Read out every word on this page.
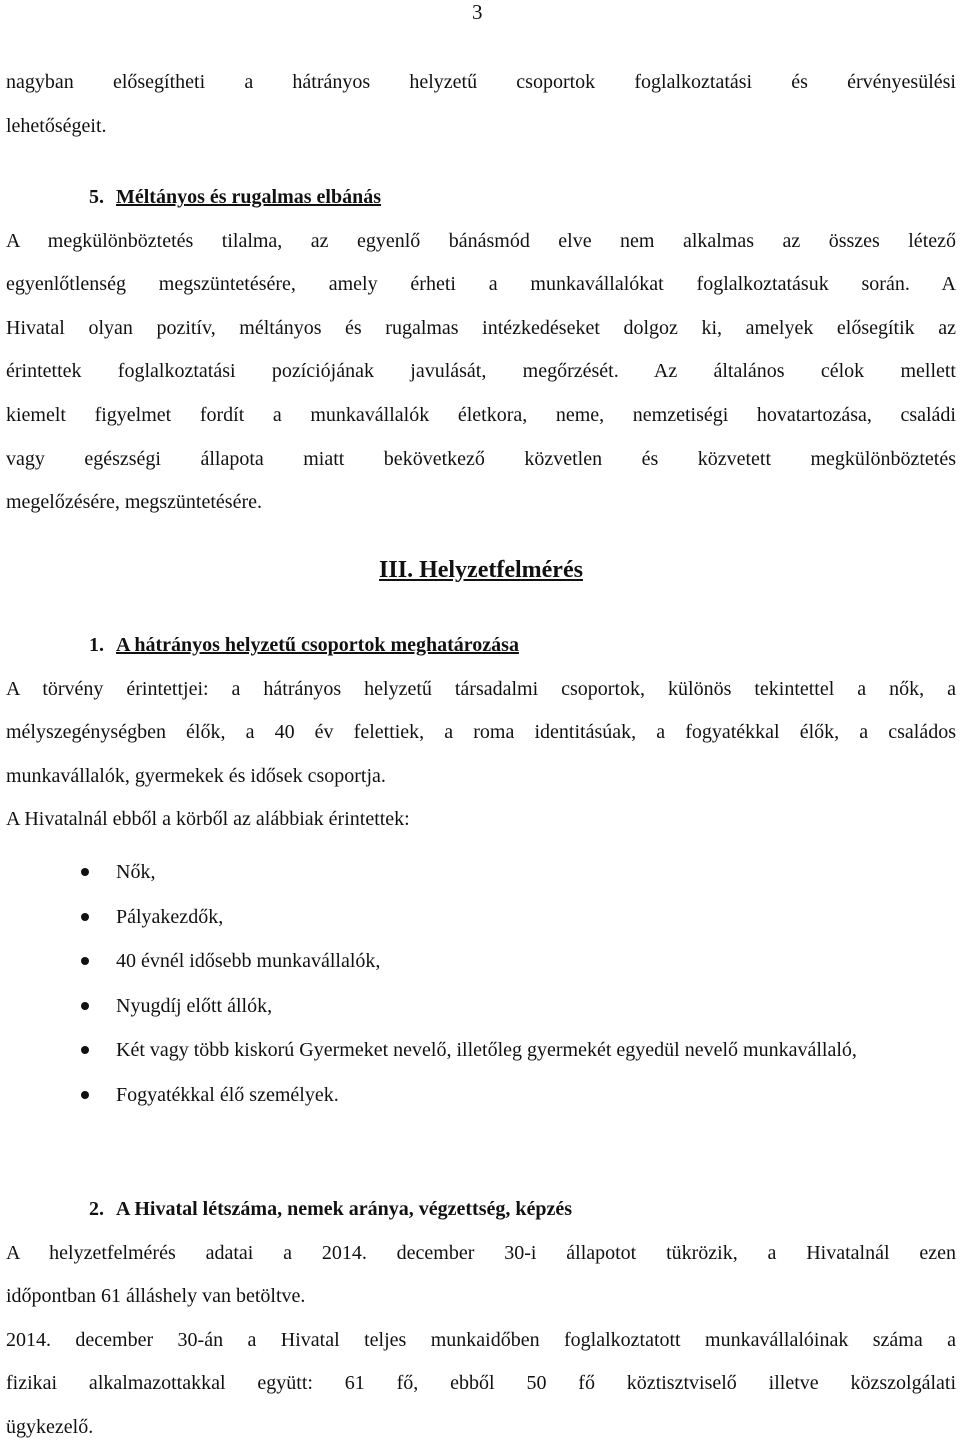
3

nagyban elősegítheti a hátrányos helyzetű csoportok foglalkoztatási és érvényesülési

lehetőségeit.

5. Méltányos és rugalmas elbánás

A megkülönböztetés tilalma, az egyenlő bánásmód elve nem alkalmas az összes létező

egyenlőtlenség megszüntetésére, amely érheti a munkavállalókat foglalkoztatásuk során. A

Hivatal olyan pozitív, méltányos és rugalmas intézkedéseket dolgoz ki, amelyek elősegítik az

érintettek foglalkoztatási pozíciójának javulását, megőrzését. Az általános célok mellett

kiemelt figyelmet fordít a munkavállalók életkora, neme, nemzetiségi hovatartozása, családi

vagy egészségi állapota miatt bekövetkező közvetlen és közvetett megkülönböztetés

megelőzésére, megszüntetésére.

III. Helyzetfelmérés

1. A hátrányos helyzetű csoportok meghatározása

A törvény érintettjei: a hátrányos helyzetű társadalmi csoportok, különös tekintettel a nők, a

mélyszegénységben élők, a 40 év felettiek, a roma identitásúak, a fogyatékkal élők, a családos

munkavállalók, gyermekek és idősek csoportja.

A Hivatalnál ebből a körből az alábbiak érintettek:

Nők,
Pályakezdők,
40 évnél idősebb munkavállalók,
Nyugdíj előtt állók,
Két vagy több kiskorú Gyermeket nevelő, illetőleg gyermekét egyedül nevelő munkavállaló,
Fogyatékkal élő személyek.

2. A Hivatal létszáma, nemek aránya, végzettség, képzés

A helyzetfelmérés adatai a 2014. december 30-i állapotot tükrözik, a Hivatalnál ezen

időpontban 61 álláshely van betöltve.

2014. december 30-án a Hivatal teljes munkaidőben foglalkoztatott munkavállalóinak száma a

fizikai alkalmazottakkal együtt: 61 fő, ebből 50 fő köztisztviselő illetve közszolgálati

ügykezelő.
